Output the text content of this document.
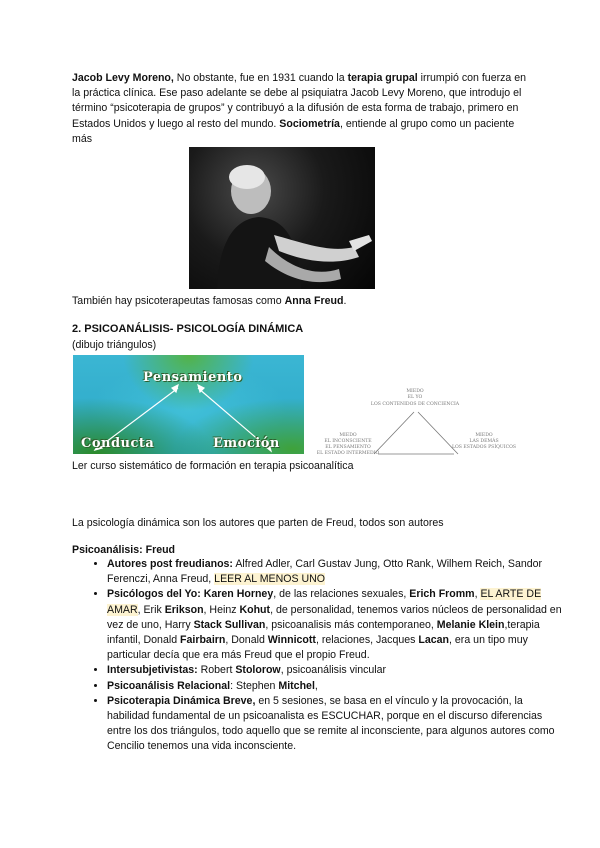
Jacob Levy Moreno, No obstante, fue en 1931 cuando la terapia grupal irrumpió con fuerza en la práctica clínica. Ese paso adelante se debe al psiquiatra Jacob Levy Moreno, que introdujo el término “psicoterapia de grupos” y contribuyó a la difusión de esta forma de trabajo, primero en Estados Unidos y luego al resto del mundo. Sociometría, entiende al grupo como un paciente más
También hay psicoterapeutas famosas como Anna Freud.
2. PSICOANÁLISIS- PSICOLOGÍA DINÁMICA
(dibujo triángulos)
Pensamiento
Conducta	Emoción
MIEDO
EL YO
LOS CONTENIDOS DE CONCIENCIA
MIEDO
EL INCONSCIENTE
EL PENSAMIENTO
EL ESTADO INTERMEDIO
MIEDO
LAS DEMÁS
LOS ESTADOS PSÍQUICOS
Ler curso sistemático de formación en terapia psicoanalítica
La psicología dinámica son los autores que parten de Freud, todos son autores
Psicoanálisis: Freud
• Autores post freudianos: Alfred Adler, Carl Gustav Jung, Otto Rank, Wilhem Reich, Sandor Ferenczi, Anna Freud, LEER AL MENOS UNO
• Psicólogos del Yo: Karen Horney, de las relaciones sexuales, Erich Fromm, EL ARTE DE AMAR, Erik Erikson, Heinz Kohut, de personalidad, tenemos varios núcleos de personalidad en vez de uno, Harry Stack Sullivan, psicoanalisis más contemporaneo, Melanie Klein,terapia infantil, Donald Fairbairn, Donald Winnicott, relaciones, Jacques Lacan, era un tipo muy particular decía que era más Freud que el propio Freud.
• Intersubjetivistas: Robert Stolorow, psicoanálisis vincular
• Psicoanálisis Relacional: Stephen Mitchel,
• Psicoterapia Dinámica Breve, en 5 sesiones, se basa en el vínculo y la provocación, la habilidad fundamental de un psicoanalista es ESCUCHAR, porque en el discurso diferencias entre los dos triángulos, todo aquello que se remite al inconsciente, para algunos autores como Cencilio tenemos una vida inconsciente.
